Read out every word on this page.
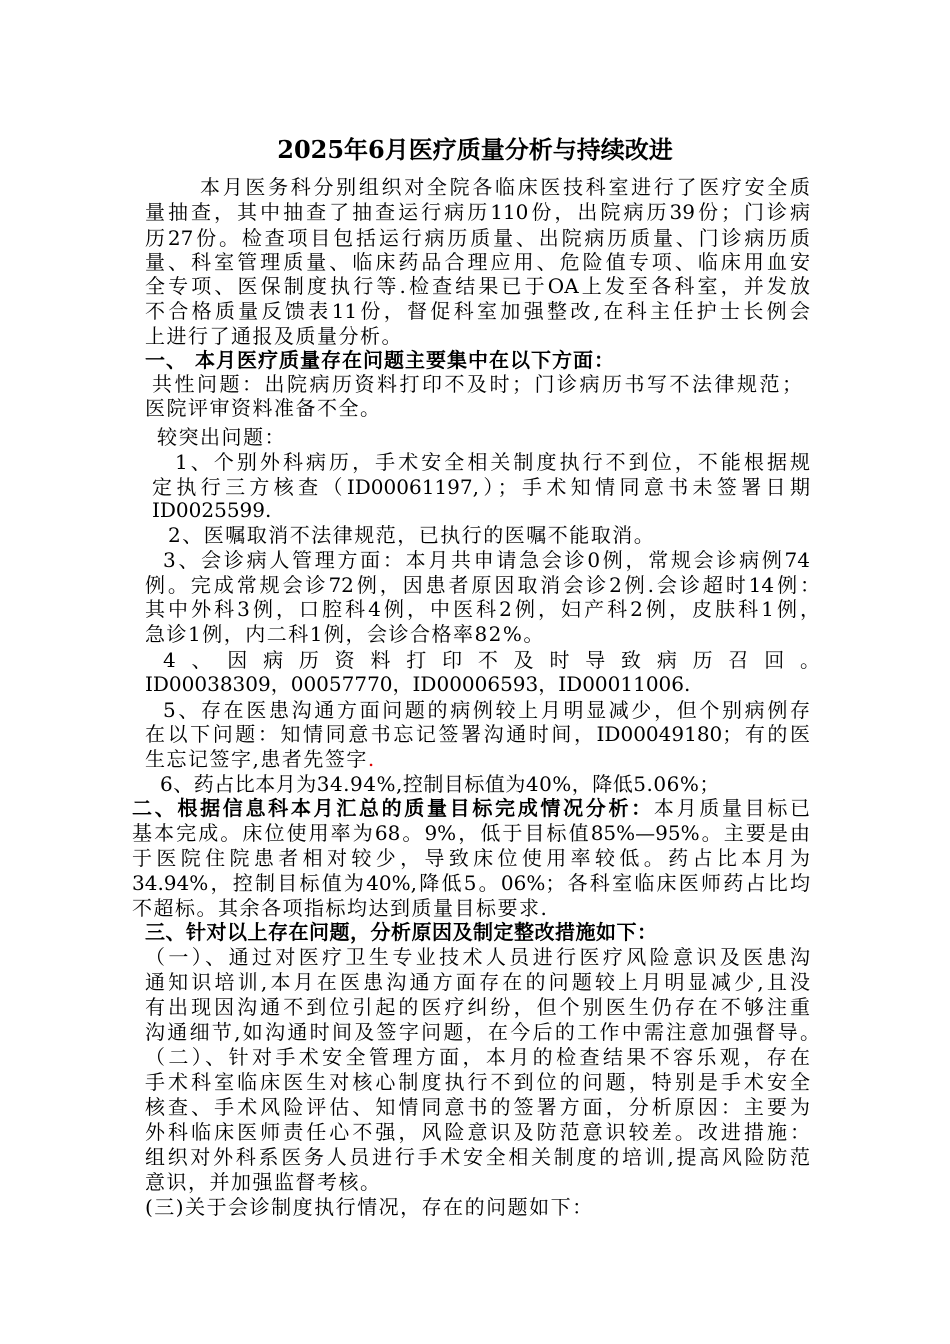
2025年6月医疗质量分析与持续改进
本月医务科分别组织对全院各临床医技科室进行了医疗安全质
量抽查，其中抽查了抽查运行病历110份，出院病历39份；门诊病
历27份。检查项目包括运行病历质量、出院病历质量、门诊病历质
量、科室管理质量、临床药品合理应用、危险值专项、临床用血安
全专项、医保制度执行等.检查结果已于OA上发至各科室，并发放
不合格质量反馈表11份，督促科室加强整改,在科主任护士长例会
上进行了通报及质量分析。
一、 本月医疗质量存在问题主要集中在以下方面：
共性问题：出院病历资料打印不及时；门诊病历书写不法律规范；
医院评审资料准备不全。
较突出问题：
1、个别外科病历，手术安全相关制度执行不到位，不能根据规
定执行三方核查（ID00061197,）；手术知情同意书未签署日期
ID0025599.
2、医嘱取消不法律规范，已执行的医嘱不能取消。
3、会诊病人管理方面：本月共申请急会诊0例，常规会诊病例74
例。完成常规会诊72例，因患者原因取消会诊2例.会诊超时14例：
其中外科3例，口腔科4例，中医科2例，妇产科2例，皮肤科1例，
急诊1例，内二科1例，会诊合格率82%。
4、因病历资料打印不及时导致病历召回。
ID00038309，00057770，ID00006593，ID00011006.
5、存在医患沟通方面问题的病例较上月明显减少，但个别病例存
在以下问题：知情同意书忘记签署沟通时间，ID00049180；有的医
生忘记签字,患者先签字.
6、药占比本月为34.94%,控制目标值为40%，降低5.06%；
二、根据信息科本月汇总的质量目标完成情况分析：本月质量目标已
基本完成。床位使用率为68。9%，低于目标值85%—95%。主要是由
于医院住院患者相对较少，导致床位使用率较低。药占比本月为
34.94%，控制目标值为40%,降低5。06%；各科室临床医师药占比均
不超标。其余各项指标均达到质量目标要求.
三、针对以上存在问题，分析原因及制定整改措施如下：
（一）、通过对医疗卫生专业技术人员进行医疗风险意识及医患沟
通知识培训,本月在医患沟通方面存在的问题较上月明显减少,且没
有出现因沟通不到位引起的医疗纠纷，但个别医生仍存在不够注重
沟通细节,如沟通时间及签字问题，在今后的工作中需注意加强督导。
（二）、针对手术安全管理方面，本月的检查结果不容乐观，存在
手术科室临床医生对核心制度执行不到位的问题，特别是手术安全
核查、手术风险评估、知情同意书的签署方面，分析原因：主要为
外科临床医师责任心不强，风险意识及防范意识较差。改进措施：
组织对外科系医务人员进行手术安全相关制度的培训,提高风险防范
意识，并加强监督考核。
(三)关于会诊制度执行情况，存在的问题如下：
